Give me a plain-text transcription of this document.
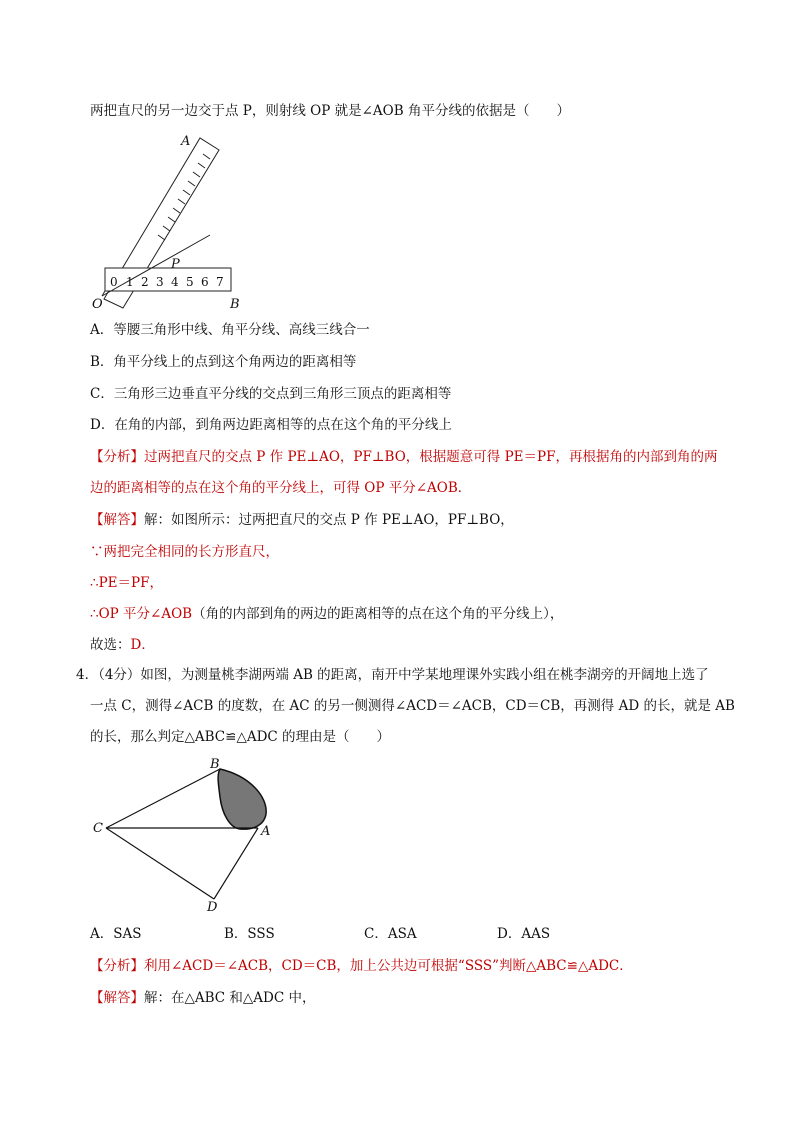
两把直尺的另一边交于点 P，则射线 OP 就是∠AOB 角平分线的依据是（　　）
0 1 2 3 4 5 6 7
A
P
O	B
A．等腰三角形中线、角平分线、高线三线合一
B．角平分线上的点到这个角两边的距离相等
C．三角形三边垂直平分线的交点到三角形三顶点的距离相等
D．在角的内部，到角两边距离相等的点在这个角的平分线上
【分析】过两把直尺的交点 P 作 PE⊥AO，PF⊥BO，根据题意可得 PE＝PF，再根据角的内部到角的两
边的距离相等的点在这个角的平分线上，可得 OP 平分∠AOB．
【解答】解：如图所示：过两把直尺的交点 P 作 PE⊥AO，PF⊥BO，
∵两把完全相同的长方形直尺，
∴PE＝PF，
∴OP 平分∠AOB（角的内部到角的两边的距离相等的点在这个角的平分线上），
故选：D．
4．（4分）如图，为测量桃李湖两端 AB 的距离，南开中学某地理课外实践小组在桃李湖旁的开阔地上选了
一点 C，测得∠ACB 的度数，在 AC 的另一侧测得∠ACD＝∠ACB，CD＝CB，再测得 AD 的长，就是 AB
的长，那么判定△ABC≌△ADC 的理由是（　　）
B
C	A
D
A．SAS	B．SSS	C．ASA	D．AAS
【分析】利用∠ACD＝∠ACB，CD＝CB，加上公共边可根据“SSS”判断△ABC≌△ADC．
【解答】解：在△ABC 和△ADC 中，
